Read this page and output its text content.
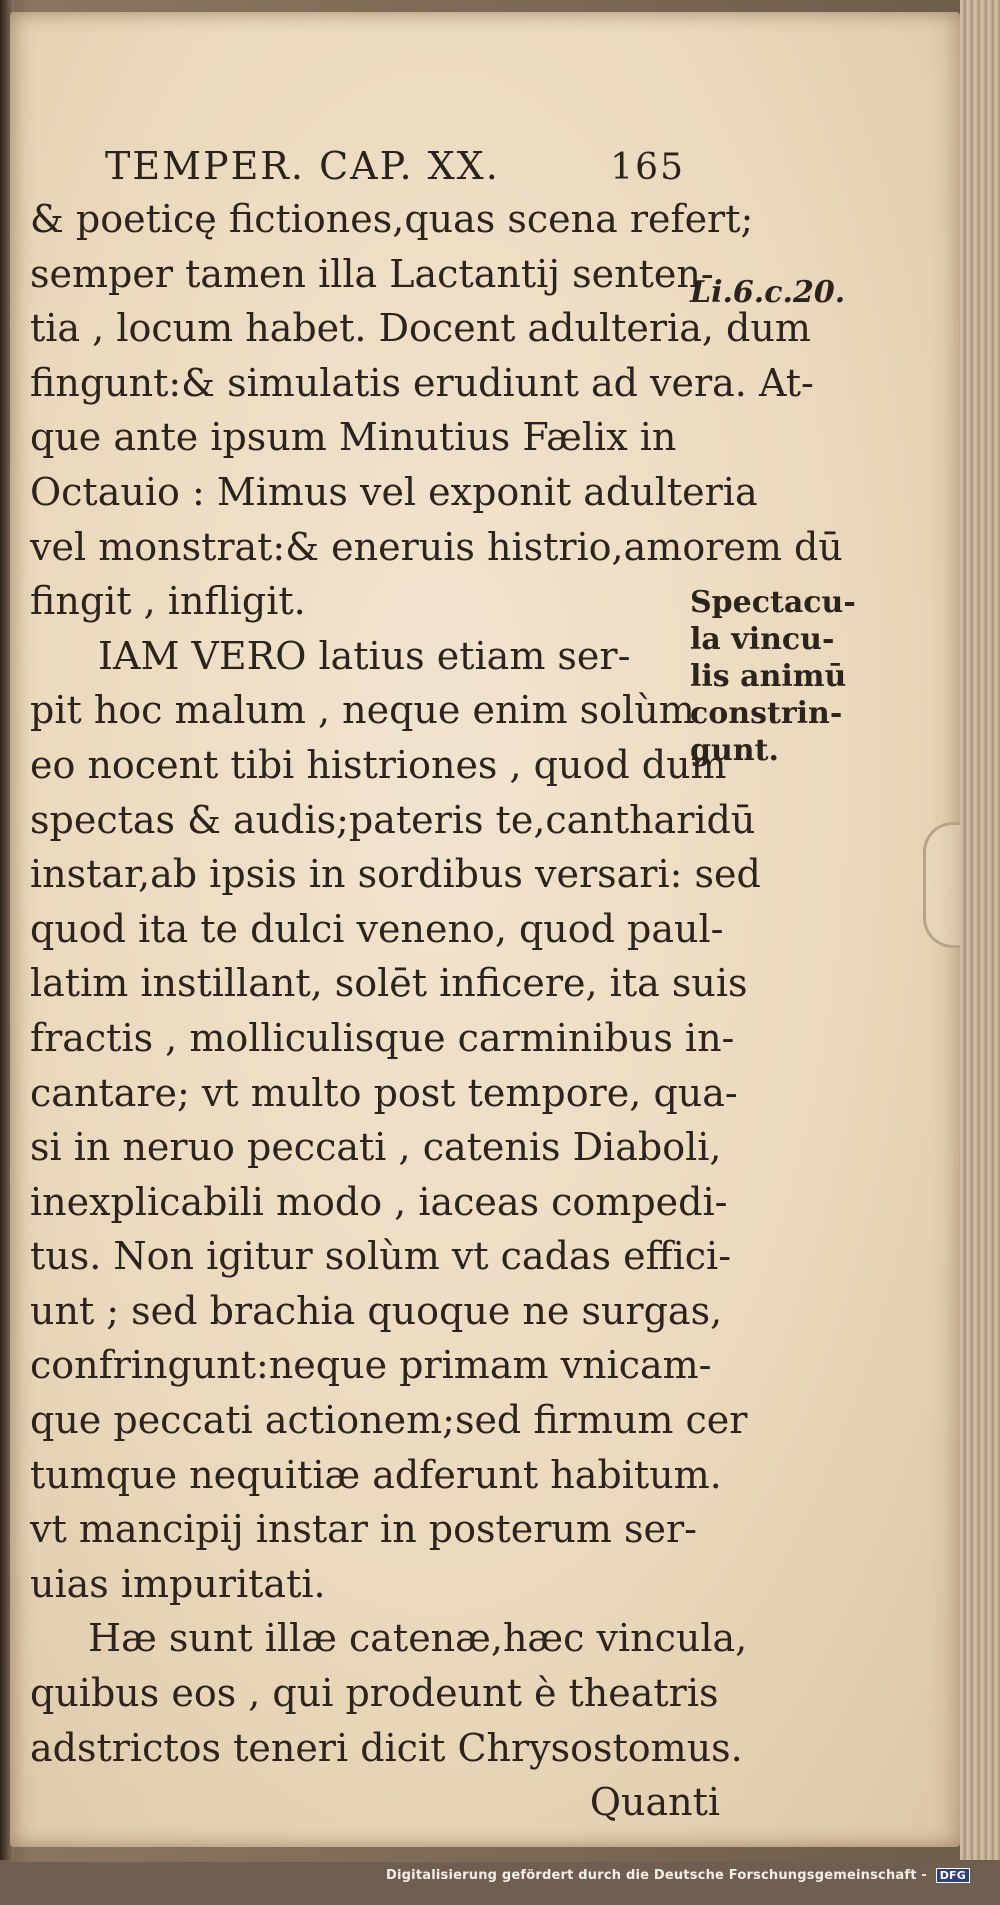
TEMPER. CAP. XX.	165
& poeticę fictiones,quas scena refert;
semper tamen illa Lactantij senten-
tia , locum habet. Docent adulteria, dum
fingunt:& simulatis erudiunt ad vera. At-
que ante ipsum Minutius Fælix in
Octauio : Mimus vel exponit adulteria
vel monstrat:& eneruis histrio,amorem dū
fingit , infligit.
IAM VERO latius etiam ser-
pit hoc malum , neque enim solùm
eo nocent tibi histriones , quod dum
spectas & audis;pateris te,cantharidū
instar,ab ipsis in sordibus versari: sed
quod ita te dulci veneno, quod paul-
latim instillant, solēt inficere, ita suis
fractis , molliculisque carminibus in-
cantare; vt multo post tempore, qua-
si in neruo peccati , catenis Diaboli,
inexplicabili modo , iaceas compedi-
tus. Non igitur solùm vt cadas effici-
unt ; sed brachia quoque ne surgas,
confringunt:neque primam vnicam-
que peccati actionem;sed firmum cer
tumque nequitiæ adferunt habitum.
vt mancipij instar in posterum ser-
uias impuritati.
Hæ sunt illæ catenæ,hæc vincula,
quibus eos , qui prodeunt è theatris
adstrictos teneri dicit Chrysostomus.
Quanti
Li.6.c.20.
Spectacu-
la vincu-
lis animū
constrin-
gunt.
Digitalisierung gefördert durch die Deutsche Forschungsgemeinschaft - DFG
